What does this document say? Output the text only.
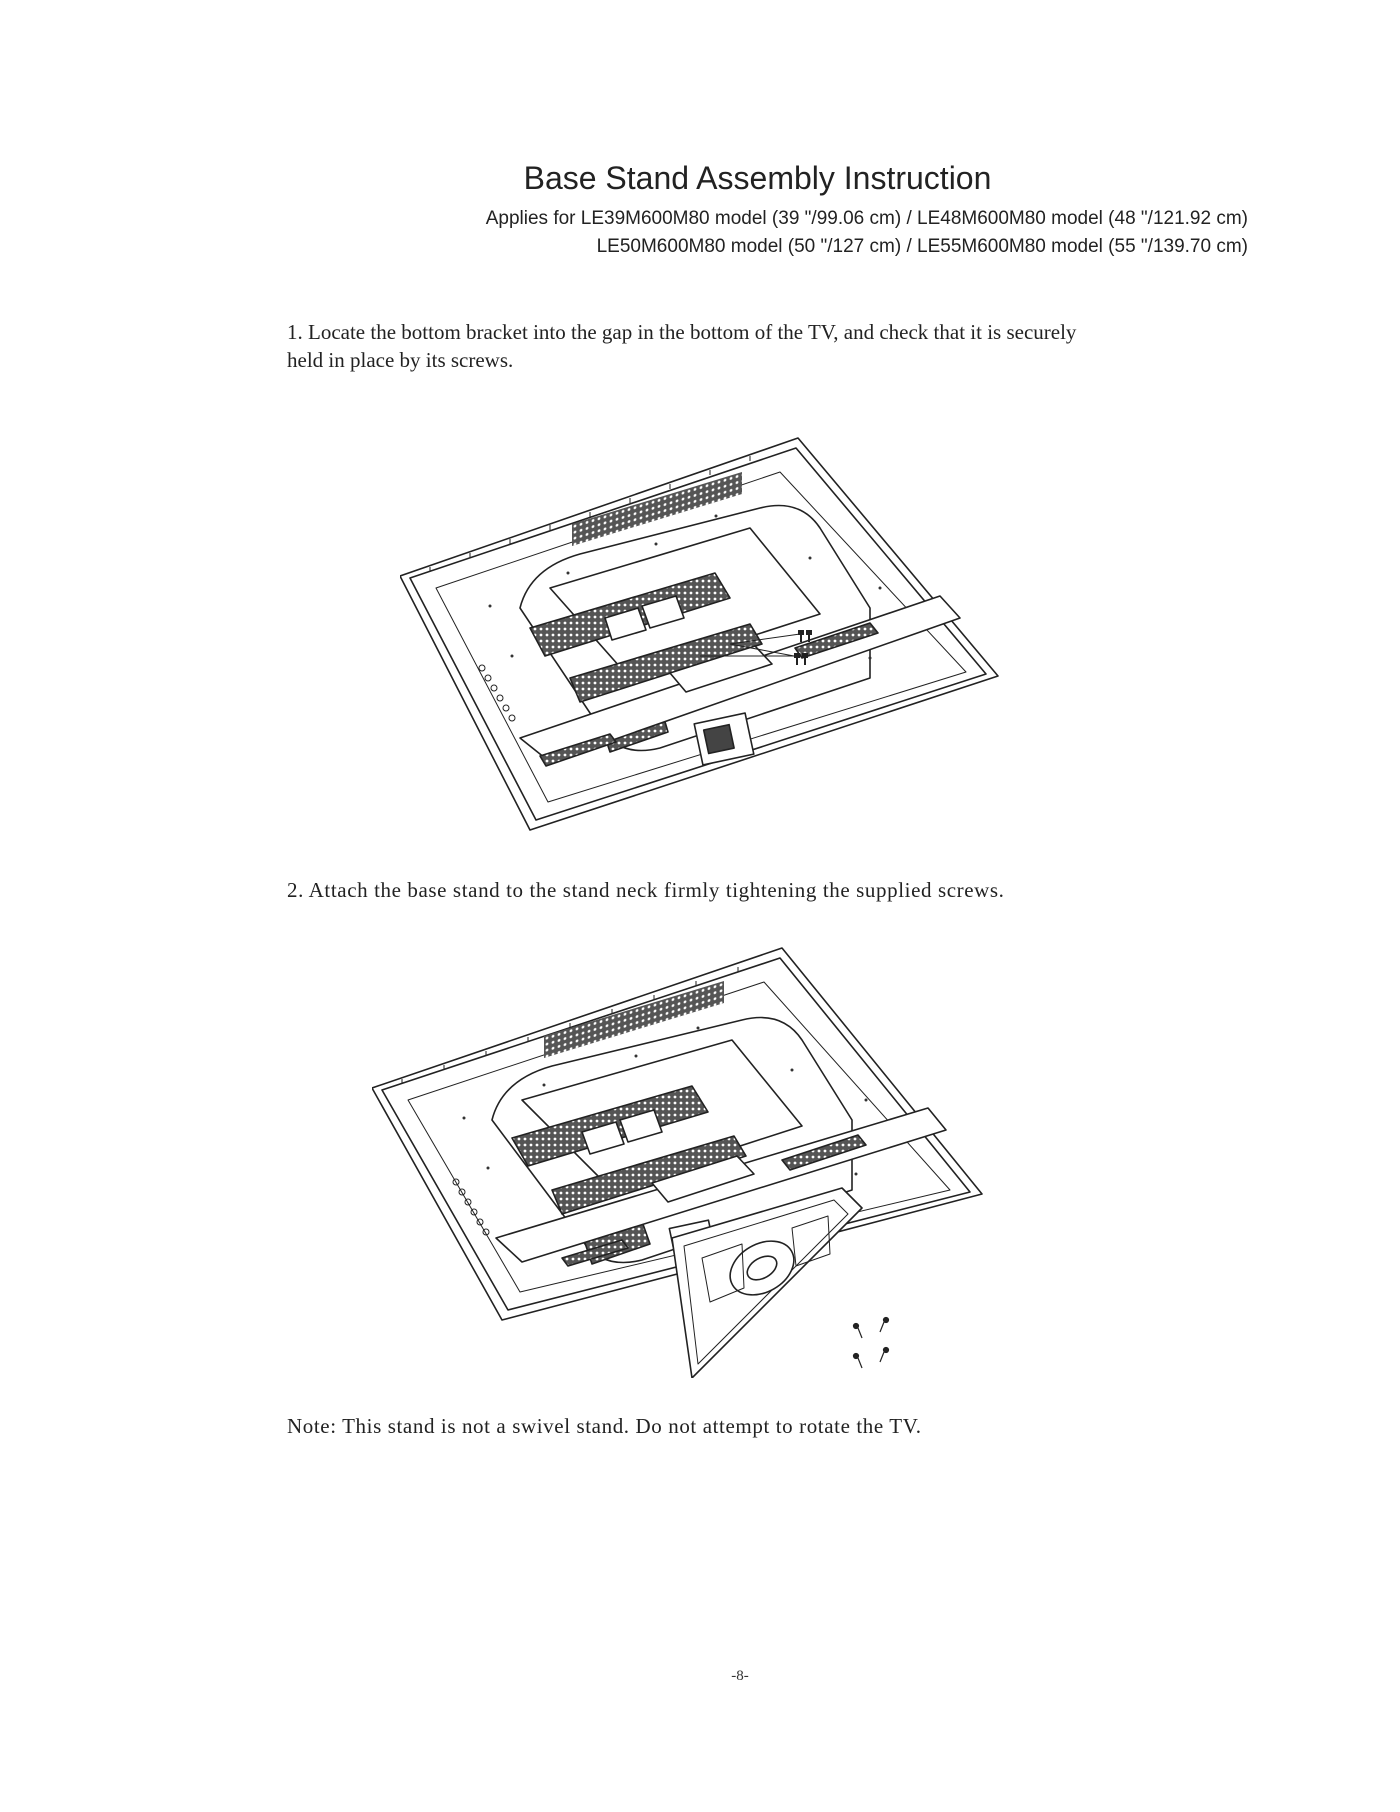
Base Stand Assembly Instruction
Applies for LE39M600M80 model (39 "/99.06 cm) / LE48M600M80 model (48 "/121.92 cm)
LE50M600M80 model (50 "/127 cm) / LE55M600M80 model (55 "/139.70 cm)
1. Locate the bottom bracket into the gap in the bottom of the TV, and check that it is securely held in place by its screws.
2. Attach the base stand to the stand neck firmly tightening the supplied screws.
Note: This stand is not a swivel stand. Do not attempt to rotate the TV.
-8-
